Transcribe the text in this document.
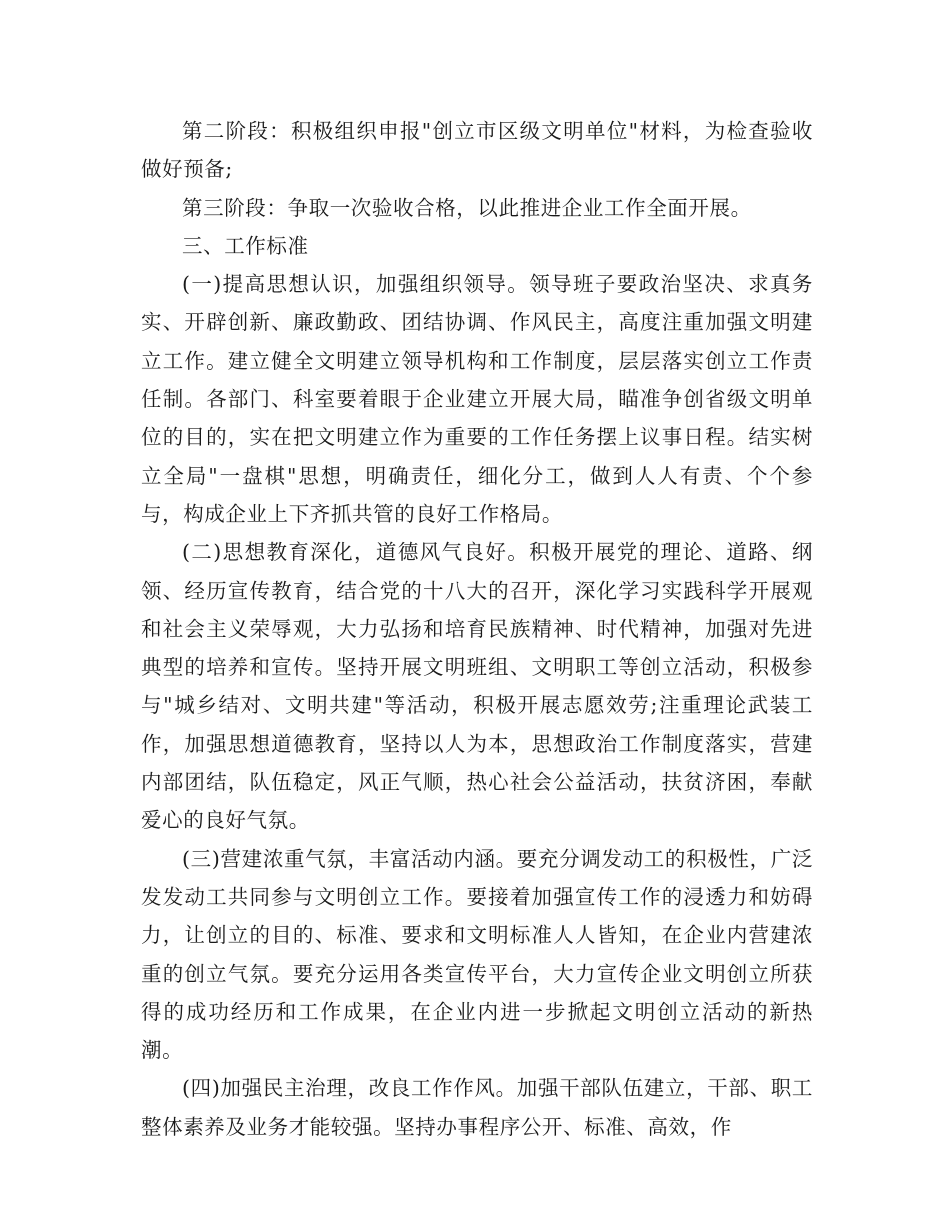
第二阶段：积极组织申报"创立市区级文明单位"材料，为检查验收做好预备;

第三阶段：争取一次验收合格，以此推进企业工作全面开展。

三、工作标准

(一)提高思想认识，加强组织领导。领导班子要政治坚决、求真务实、开辟创新、廉政勤政、团结协调、作风民主，高度注重加强文明建立工作。建立健全文明建立领导机构和工作制度，层层落实创立工作责任制。各部门、科室要着眼于企业建立开展大局，瞄准争创省级文明单位的目的，实在把文明建立作为重要的工作任务摆上议事日程。结实树立全局"一盘棋"思想，明确责任，细化分工，做到人人有责、个个参与，构成企业上下齐抓共管的良好工作格局。

(二)思想教育深化，道德风气良好。积极开展党的理论、道路、纲领、经历宣传教育，结合党的十八大的召开，深化学习实践科学开展观和社会主义荣辱观，大力弘扬和培育民族精神、时代精神，加强对先进典型的培养和宣传。坚持开展文明班组、文明职工等创立活动，积极参与"城乡结对、文明共建"等活动，积极开展志愿效劳;注重理论武装工作，加强思想道德教育，坚持以人为本，思想政治工作制度落实，营建内部团结，队伍稳定，风正气顺，热心社会公益活动，扶贫济困，奉献爱心的良好气氛。

(三)营建浓重气氛，丰富活动内涵。要充分调发动工的积极性，广泛发发动工共同参与文明创立工作。要接着加强宣传工作的浸透力和妨碍力，让创立的目的、标准、要求和文明标准人人皆知，在企业内营建浓重的创立气氛。要充分运用各类宣传平台，大力宣传企业文明创立所获得的成功经历和工作成果，在企业内进一步掀起文明创立活动的新热潮。

(四)加强民主治理，改良工作作风。加强干部队伍建立，干部、职工整体素养及业务才能较强。坚持办事程序公开、标准、高效，作
